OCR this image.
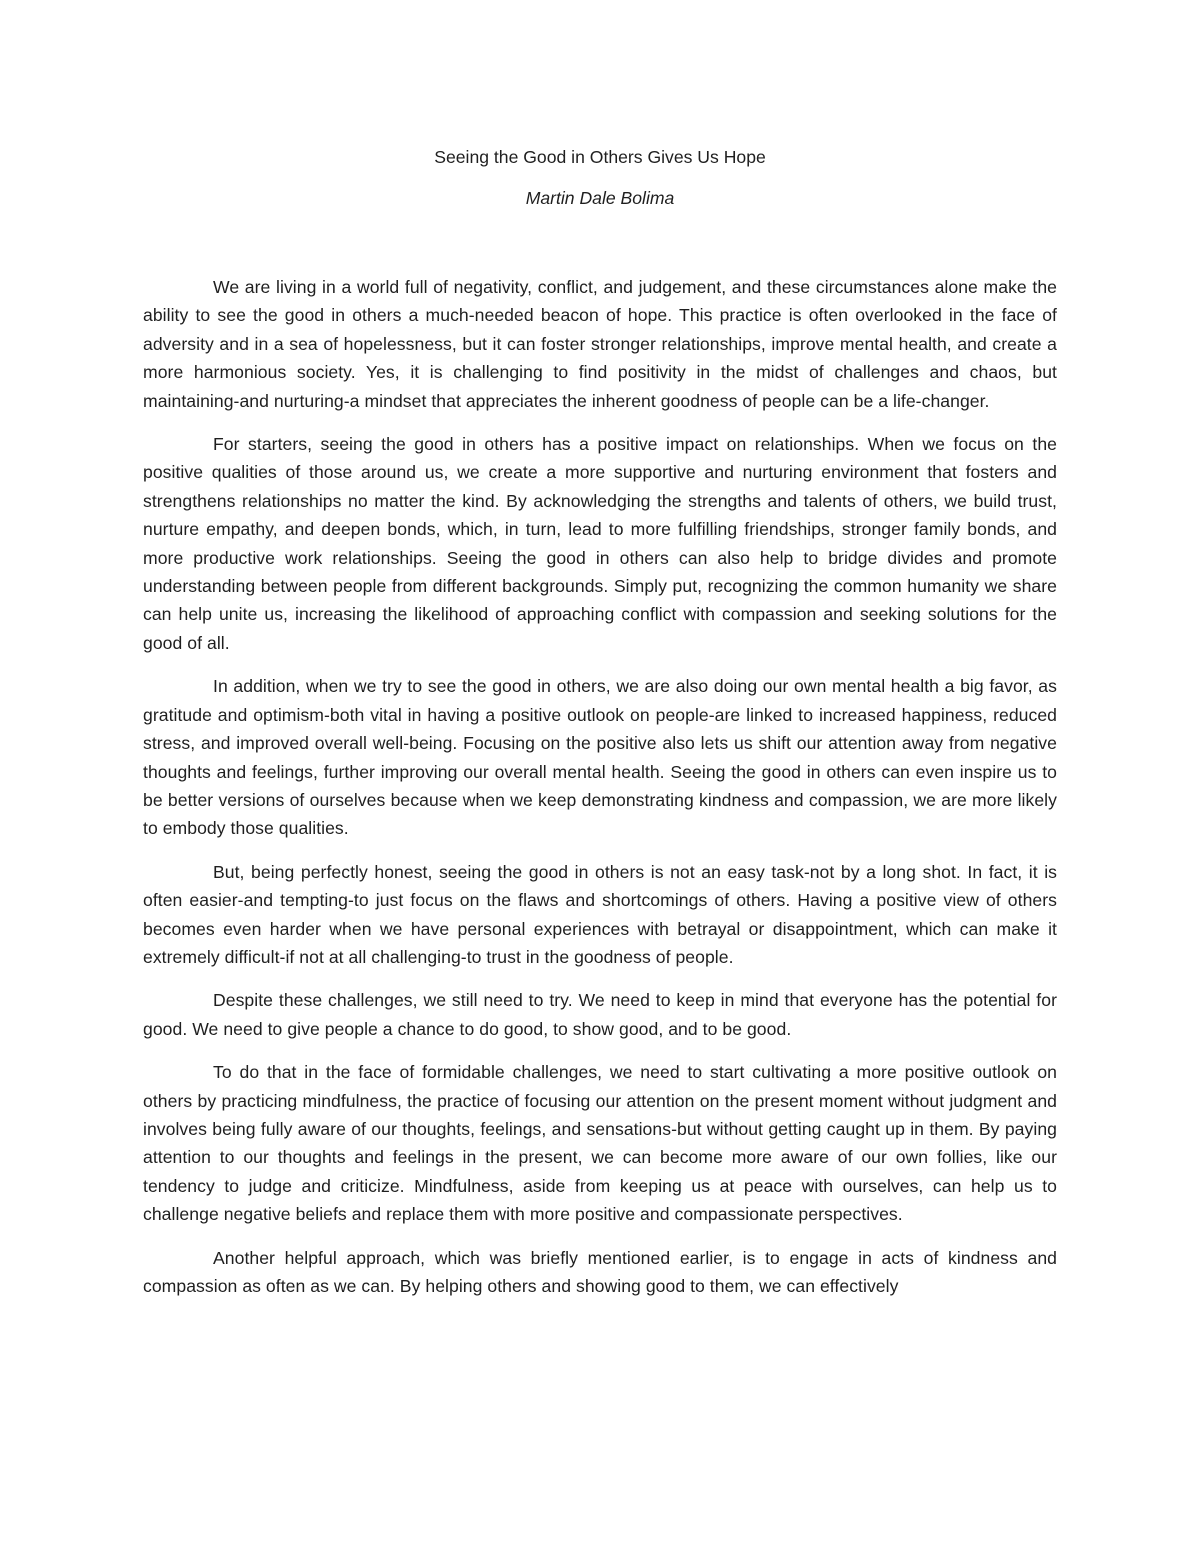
Seeing the Good in Others Gives Us Hope

Martin Dale Bolima

We are living in a world full of negativity, conflict, and judgement, and these circumstances alone make the ability to see the good in others a much-needed beacon of hope. This practice is often overlooked in the face of adversity and in a sea of hopelessness, but it can foster stronger relationships, improve mental health, and create a more harmonious society. Yes, it is challenging to find positivity in the midst of challenges and chaos, but maintaining-and nurturing-a mindset that appreciates the inherent goodness of people can be a life-changer.

For starters, seeing the good in others has a positive impact on relationships. When we focus on the positive qualities of those around us, we create a more supportive and nurturing environment that fosters and strengthens relationships no matter the kind. By acknowledging the strengths and talents of others, we build trust, nurture empathy, and deepen bonds, which, in turn, lead to more fulfilling friendships, stronger family bonds, and more productive work relationships. Seeing the good in others can also help to bridge divides and promote understanding between people from different backgrounds. Simply put, recognizing the common humanity we share can help unite us, increasing the likelihood of approaching conflict with compassion and seeking solutions for the good of all.

In addition, when we try to see the good in others, we are also doing our own mental health a big favor, as gratitude and optimism-both vital in having a positive outlook on people-are linked to increased happiness, reduced stress, and improved overall well-being. Focusing on the positive also lets us shift our attention away from negative thoughts and feelings, further improving our overall mental health. Seeing the good in others can even inspire us to be better versions of ourselves because when we keep demonstrating kindness and compassion, we are more likely to embody those qualities.

But, being perfectly honest, seeing the good in others is not an easy task-not by a long shot. In fact, it is often easier-and tempting-to just focus on the flaws and shortcomings of others. Having a positive view of others becomes even harder when we have personal experiences with betrayal or disappointment, which can make it extremely difficult-if not at all challenging-to trust in the goodness of people.

Despite these challenges, we still need to try. We need to keep in mind that everyone has the potential for good. We need to give people a chance to do good, to show good, and to be good.

To do that in the face of formidable challenges, we need to start cultivating a more positive outlook on others by practicing mindfulness, the practice of focusing our attention on the present moment without judgment and involves being fully aware of our thoughts, feelings, and sensations-but without getting caught up in them. By paying attention to our thoughts and feelings in the present, we can become more aware of our own follies, like our tendency to judge and criticize. Mindfulness, aside from keeping us at peace with ourselves, can help us to challenge negative beliefs and replace them with more positive and compassionate perspectives.

Another helpful approach, which was briefly mentioned earlier, is to engage in acts of kindness and compassion as often as we can. By helping others and showing good to them, we can effectively
